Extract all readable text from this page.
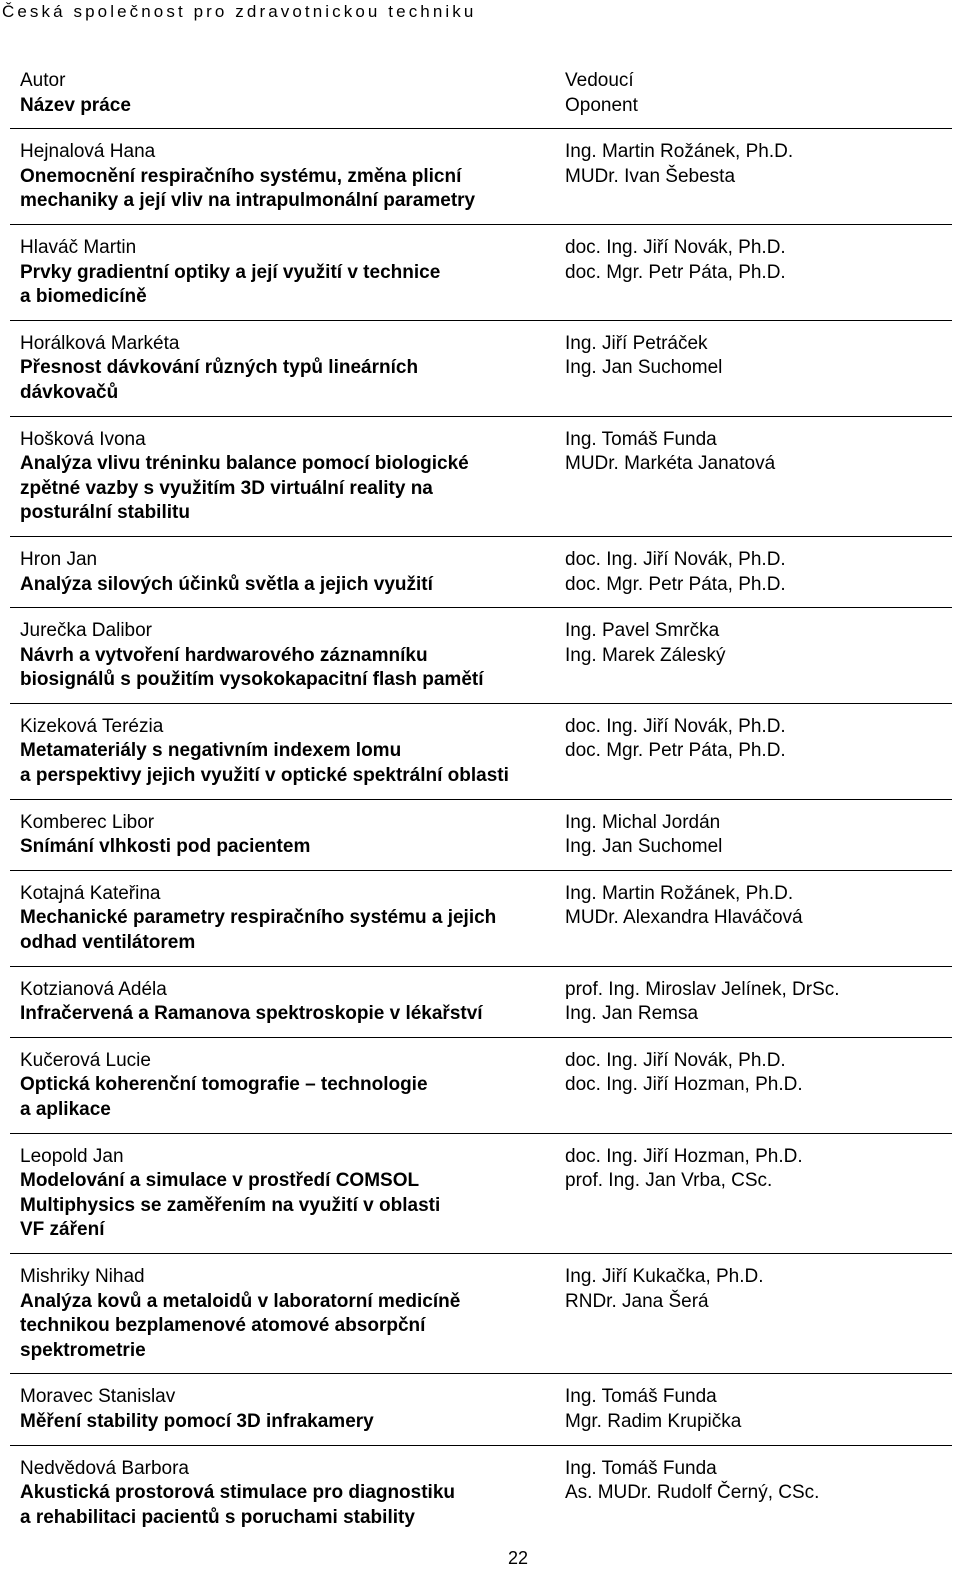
Česká společnost pro zdravotnickou techniku
Autor
Název práce
Vedoucí
Oponent
Hejnalová Hana
Onemocnění respiračního systému, změna plicní
mechaniky a její vliv na intrapulmonální parametry
Ing. Martin Rožánek, Ph.D.
MUDr. Ivan Šebesta
Hlaváč Martin
Prvky gradientní optiky a její využití v technice
a biomedicíně
doc. Ing. Jiří Novák, Ph.D.
doc. Mgr. Petr Páta, Ph.D.
Horálková Markéta
Přesnost dávkování různých typů lineárních
dávkovačů
Ing. Jiří Petráček
Ing. Jan Suchomel
Hošková Ivona
Analýza vlivu tréninku balance pomocí biologické
zpětné vazby s využitím 3D virtuální reality na
posturální stabilitu
Ing. Tomáš Funda
MUDr. Markéta Janatová
Hron Jan
Analýza silových účinků světla a jejich využití
doc. Ing. Jiří Novák, Ph.D.
doc. Mgr. Petr Páta, Ph.D.
Jurečka Dalibor
Návrh a vytvoření hardwarového záznamníku
biosignálů s použitím vysokokapacitní flash pamětí
Ing. Pavel Smrčka
Ing. Marek Záleský
Kizeková Terézia
Metamateriály s negativním indexem lomu
a perspektivy jejich využití v optické spektrální oblasti
doc. Ing. Jiří Novák, Ph.D.
doc. Mgr. Petr Páta, Ph.D.
Komberec Libor
Snímání vlhkosti pod pacientem
Ing. Michal Jordán
Ing. Jan Suchomel
Kotajná Kateřina
Mechanické parametry respiračního systému a jejich
odhad ventilátorem
Ing. Martin Rožánek, Ph.D.
MUDr. Alexandra Hlaváčová
Kotzianová Adéla
Infračervená a Ramanova spektroskopie v lékařství
prof. Ing. Miroslav Jelínek, DrSc.
Ing. Jan Remsa
Kučerová Lucie
Optická koherenční tomografie – technologie
a aplikace
doc. Ing. Jiří Novák, Ph.D.
doc. Ing. Jiří Hozman, Ph.D.
Leopold Jan
Modelování a simulace v prostředí COMSOL
Multiphysics se zaměřením na využití v oblasti
VF záření
doc. Ing. Jiří Hozman, Ph.D.
prof. Ing. Jan Vrba, CSc.
Mishriky Nihad
Analýza kovů a metaloidů v laboratorní medicíně
technikou bezplamenové atomové absorpční
spektrometrie
Ing. Jiří Kukačka, Ph.D.
RNDr. Jana Šerá
Moravec Stanislav
Měření stability pomocí 3D infrakamery
Ing. Tomáš Funda
Mgr. Radim Krupička
Nedvědová Barbora
Akustická prostorová stimulace pro diagnostiku
a rehabilitaci pacientů s poruchami stability
Ing. Tomáš Funda
As. MUDr. Rudolf Černý, CSc.
22
